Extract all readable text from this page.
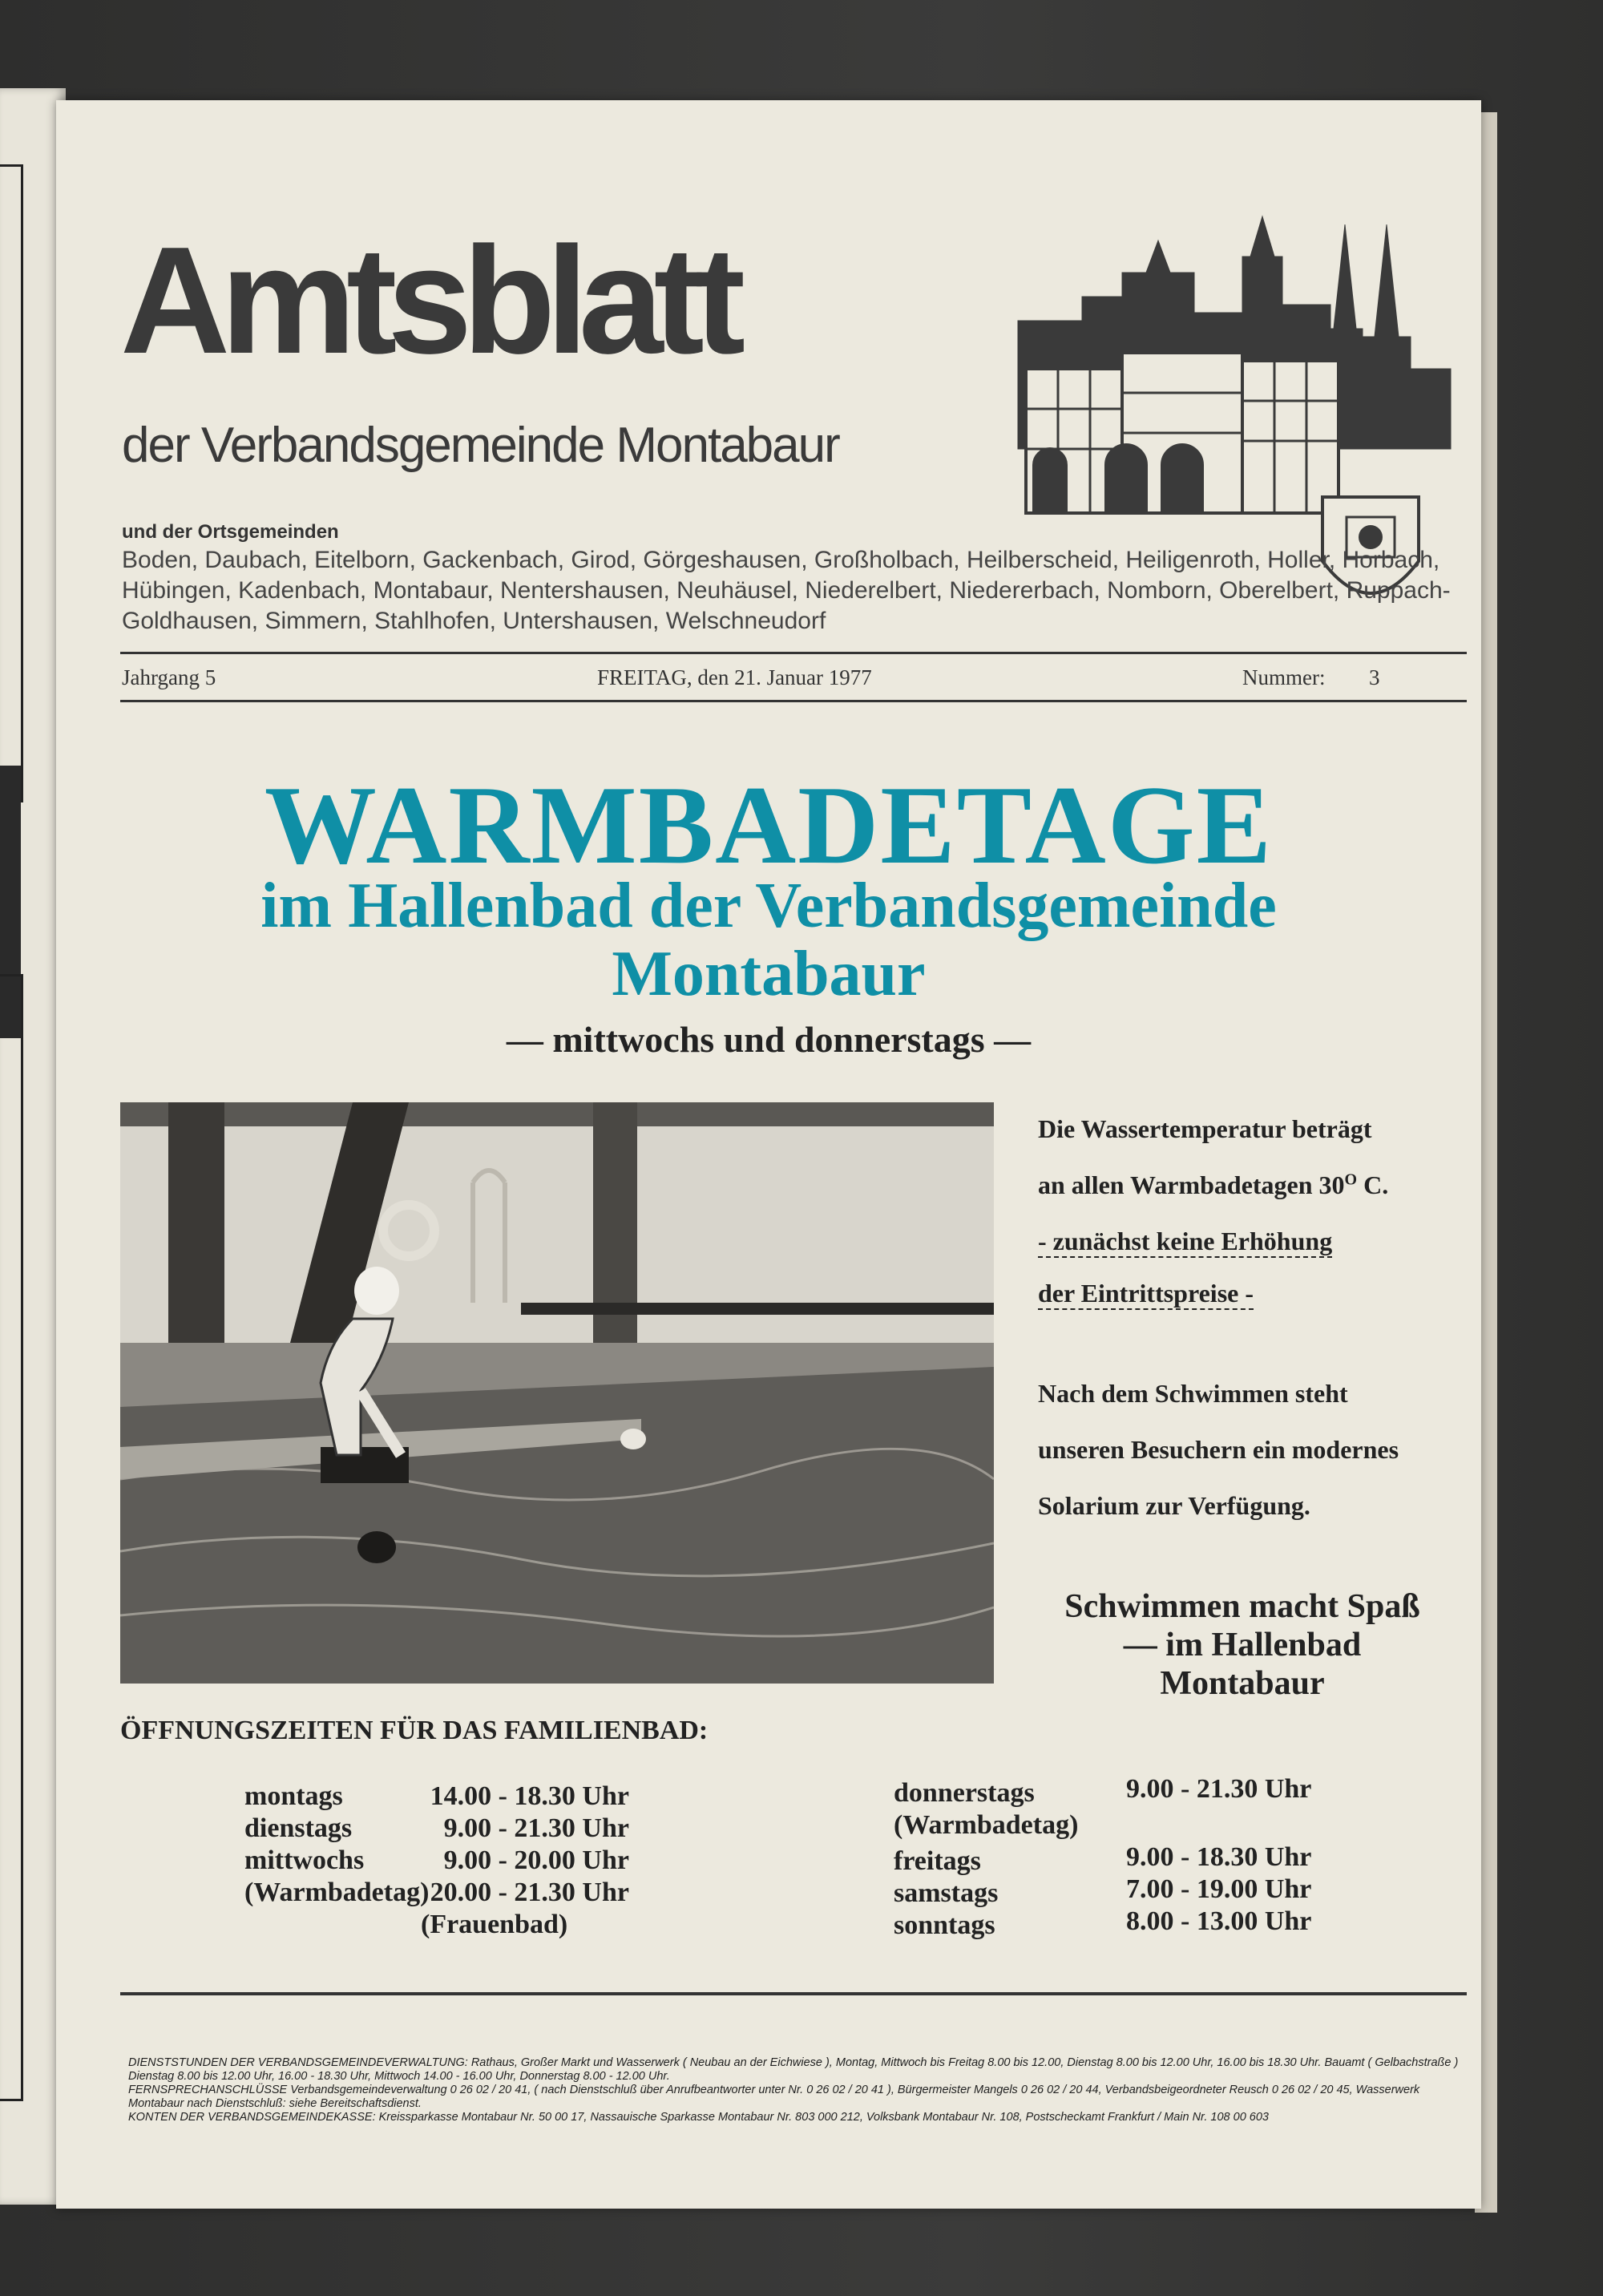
Amtsblatt
der Verbandsgemeinde Montabaur
und der Ortsgemeinden
Boden, Daubach, Eitelborn, Gackenbach, Girod, Görgeshausen, Großholbach, Heilberscheid, Heiligenroth, Holler, Horbach, Hübingen, Kadenbach, Montabaur, Nentershausen, Neuhäusel, Niederelbert, Niedererbach, Nomborn, Oberelbert, Ruppach-Goldhausen, Simmern, Stahlhofen, Untershausen, Welschneudorf
Jahrgang 5	FREITAG, den 21. Januar 1977	Nummer: 3
WARMBADETAGE
im Hallenbad der Verbandsgemeinde
Montabaur
— mittwochs und donnerstags —
Die Wassertemperatur beträgt
an allen Warmbadetagen $30^O$ C.
- zunächst keine Erhöhung
der Eintrittspreise -
Nach dem Schwimmen steht
unseren Besuchern ein modernes
Solarium zur Verfügung.
Schwimmen macht Spaß
— im Hallenbad
Montabaur
ÖFFNUNGSZEITEN FÜR DAS FAMILIENBAD:
montags
dienstags
mittwochs
(Warmbadetag)
14.00 - 18.30 Uhr
9.00 - 21.30 Uhr
9.00 - 20.00 Uhr
20.00 - 21.30 Uhr
(Frauenbad)
donnerstags
(Warmbadetag)
9.00 - 21.30 Uhr
freitags
samstags
sonntags
9.00 - 18.30 Uhr
7.00 - 19.00 Uhr
8.00 - 13.00 Uhr
DIENSTSTUNDEN DER VERBANDSGEMEINDEVERWALTUNG: Rathaus, Großer Markt und Wasserwerk ( Neubau an der Eichwiese ), Montag, Mittwoch bis Freitag 8.00 bis 12.00, Dienstag 8.00 bis 12.00 Uhr, 16.00 bis 18.30 Uhr. Bauamt ( Gelbachstraße ) Dienstag 8.00 bis 12.00 Uhr, 16.00 - 18.30 Uhr, Mittwoch 14.00 - 16.00 Uhr, Donnerstag 8.00 - 12.00 Uhr.
FERNSPRECHANSCHLÜSSE Verbandsgemeindeverwaltung 0 26 02 / 20 41, ( nach Dienstschluß über Anrufbeantworter unter Nr. 0 26 02 / 20 41 ), Bürgermeister Mangels 0 26 02 / 20 44, Verbandsbeigeordneter Reusch 0 26 02 / 20 45, Wasserwerk Montabaur nach Dienstschluß: siehe Bereitschaftsdienst.
KONTEN DER VERBANDSGEMEINDEKASSE: Kreissparkasse Montabaur Nr. 50 00 17, Nassauische Sparkasse Montabaur Nr. 803 000 212, Volksbank Montabaur Nr. 108, Postscheckamt Frankfurt / Main Nr. 108 00 603
